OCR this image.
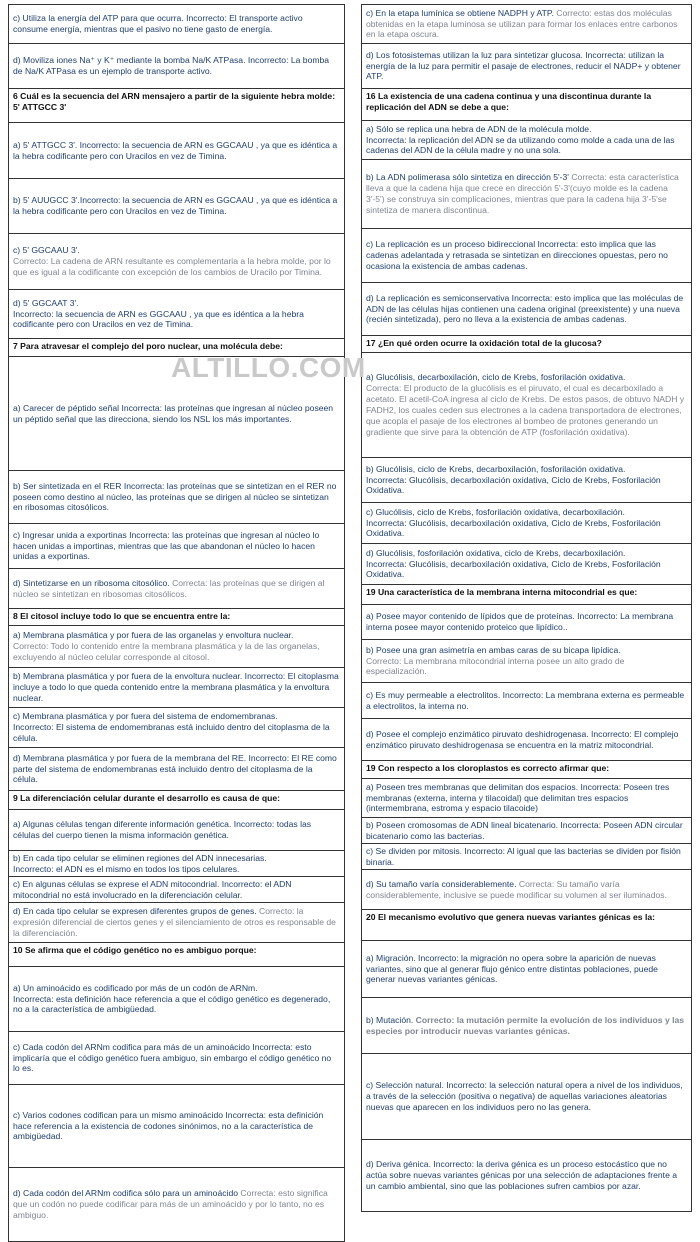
c) Utiliza la energía del ATP para que ocurra. Incorrecto: El transporte activo consume energía, mientras que el pasivo no tiene gasto de energía.
d) Moviliza iones Na⁺ y K⁺ mediante la bomba Na/K ATPasa. Incorrecto: La bomba de Na/K ATPasa es un ejemplo de transporte activo.
6 Cuál es la secuencia del ARN mensajero a partir de la siguiente hebra molde: 5' ATTGCC 3'
a) 5' ATTGCC 3'. Incorrecto: la secuencia de ARN es GGCAAU , ya que es idéntica a la hebra codificante pero con Uracilos en vez de Timina.
b) 5' AUUGCC 3'.Incorrecto: la secuencia de ARN es GGCAAU , ya que es idéntica a la hebra codificante pero con Uracilos en vez de Timina.
c) 5' GGCAAU 3'.
Correcto: La cadena de ARN resultante es complementaria a la hebra molde, por lo que es igual a la codificante con excepción de los cambios de Uracilo por Timina.
d) 5' GGCAAT 3'.
Incorrecto: la secuencia de ARN es GGCAAU , ya que es idéntica a la hebra codificante pero con Uracilos en vez de Timina.
7 Para atravesar el complejo del poro nuclear, una molécula debe:
a) Carecer de péptido señal Incorrecta: las proteínas que ingresan al núcleo poseen un péptido señal que las direcciona, siendo los NSL los más importantes.
b) Ser sintetizada en el RER Incorrecta: las proteínas que se sintetizan en el RER no poseen como destino al núcleo, las proteínas que se dirigen al núcleo se sintetizan en ribosomas citosólicos.
c) Ingresar unida a exportinas Incorrecta: las proteínas que ingresan al núcleo lo hacen unidas a importinas, mientras que las que abandonan el núcleo lo hacen unidas a exportinas.
d) Sintetizarse en un ribosoma citosólico. Correcta: las proteínas que se dirigen al núcleo se sintetizan en ribosomas citosólicos.
8 El citosol incluye todo lo que se encuentra entre la:
a) Membrana plasmática y por fuera de las organelas y envoltura nuclear.
Correcto: Todo lo contenido entre la membrana plasmática y la de las organelas, excluyendo al núcleo celular corresponde al citosol.
b) Membrana plasmática y por fuera de la envoltura nuclear. Incorrecto: El citoplasma incluye a todo lo que queda contenido entre la membrana plasmática y la envoltura nuclear.
c) Membrana plasmática y por fuera del sistema de endomembranas.
Incorrecto: El sistema de endomembranas está incluido dentro del citoplasma de la célula.
d) Membrana plasmática y por fuera de la membrana del RE. Incorrecto: El RE como parte del sistema de endomembranas está incluido dentro del citoplasma de la célula.
9 La diferenciación celular durante el desarrollo es causa de que:
a) Algunas células tengan diferente información genética. Incorrecto: todas las células del cuerpo tienen la misma información genética.
b) En cada tipo celular se eliminen regiones del ADN innecesarias.
Incorrecto: el ADN es el mismo en todos los tipos celulares.
c) En algunas células se exprese el ADN mitocondrial. Incorrecto: el ADN mitocondrial no está involucrado en la diferenciación celular.
d) En cada tipo celular se expresen diferentes grupos de genes. Correcto: la expresión diferencial de ciertos genes y el silenciamiento de otros es responsable de la diferenciación.
10 Se afirma que el código genético no es ambiguo porque:
a) Un aminoácido es codificado por más de un codón de ARNm.
Incorrecta: esta definición hace referencia a que el código genético es degenerado, no a la característica de ambigüedad.
c) Cada codón del ARNm codifica para más de un aminoácido Incorrecta: esto implicaría que el código genético fuera ambiguo, sin embargo el código genético no lo es.
c) Varios codones codifican para un mismo aminoácido Incorrecta: esta definición hace referencia a la existencia de codones sinónimos, no a la característica de ambigüedad.
d) Cada codón del ARNm codifica sólo para un aminoácido Correcta: esto significa que un codón no puede codificar para más de un aminoácido y por lo tanto, no es ambiguo.
c) En la etapa lumínica se obtiene NADPH y ATP. Correcto: estas dos moléculas obtenidas en la etapa luminosa se utilizan para formar los enlaces entre carbonos en la etapa oscura.
d) Los fotosistemas utilizan la luz para sintetizar glucosa. Incorrecta: utilizan la energía de la luz para permitir el pasaje de electrones, reducir el NADP+ y obtener ATP.
16 La existencia de una cadena continua y una discontinua durante la replicación del ADN se debe a que:
a) Sólo se replica una hebra de ADN de la molécula molde.
Incorrecta: la replicación del ADN se da utilizando como molde a cada una de las cadenas del ADN de la célula madre y no una sola.
b) La ADN polimerasa sólo sintetiza en dirección 5'-3' Correcta: esta característica lleva a que la cadena hija que crece en dirección 5'-3'(cuyo molde es la cadena 3'-5') se construya sin complicaciones, mientras que para la cadena hija 3'-5'se sintetiza de manera discontinua.
c) La replicación es un proceso bidireccional Incorrecta: esto implica que las cadenas adelantada y retrasada se sintetizan en direcciones opuestas, pero no ocasiona la existencia de ambas cadenas.
d) La replicación es semiconservativa Incorrecta: esto implica que las moléculas de ADN de las células hijas contienen una cadena original (preexistente) y una nueva (recién sintetizada), pero no lleva a la existencia de ambas cadenas.
17 ¿En qué orden ocurre la oxidación total de la glucosa?
a) Glucólisis, decarboxilación, ciclo de Krebs, fosforilación oxidativa.
Correcta: El producto de la glucólisis es el piruvato, el cual es decarboxilado a acetato. El acetil-CoA ingresa al ciclo de Krebs. De estos pasos, de obtuvo NADH y FADH2, los cuales ceden sus electrones a la cadena transportadora de electrones, que acopla el pasaje de los electrones al bombeo de protones generando un gradiente que sirve para la obtención de ATP (fosforilación oxidativa).
b) Glucólisis, ciclo de Krebs, decarboxilación, fosforilación oxidativa.
Incorrecta: Glucólisis, decarboxilación oxidativa, Ciclo de Krebs, Fosforilación Oxidativa.
c) Glucólisis, ciclo de Krebs, fosforilación oxidativa, decarboxilación.
Incorrecta: Glucólisis, decarboxilación oxidativa, Ciclo de Krebs, Fosforilación Oxidativa.
d) Glucólisis, fosforilación oxidativa, ciclo de Krebs, decarboxilación.
Incorrecta: Glucólisis, decarboxilación oxidativa, Ciclo de Krebs, Fosforilación Oxidativa.
19 Una característica de la membrana interna mitocondrial es que:
a) Posee mayor contenido de lípidos que de proteínas. Incorrecto: La membrana interna posee mayor contenido proteico que lipídico..
b) Posee una gran asimetría en ambas caras de su bicapa lipídica.
Correcto: La membrana mitocondrial interna posee un alto grado de especialización.
c) Es muy permeable a electrolitos. Incorrecto: La membrana externa es permeable a electrolitos, la interna no.
d) Posee el complejo enzimático piruvato deshidrogenasa. Incorrecto: El complejo enzimático piruvato deshidrogenasa se encuentra en la matriz mitocondrial.
19 Con respecto a los cloroplastos es correcto afirmar que:
a) Poseen tres membranas que delimitan dos espacios. Incorrecta: Poseen tres membranas (externa, interna y tilacoidal) que delimitan tres espacios (intermembrana, estroma y espacio tilacoide)
b) Poseen cromosomas de ADN lineal bicatenario. Incorrecta: Poseen ADN circular bicatenario como las bacterias.
c) Se dividen por mitosis. Incorrecto: Al igual que las bacterias se dividen por fisión binaria.
d) Su tamaño varía considerablemente. Correcta: Su tamaño varía considerablemente, inclusive se puede modificar su volumen al ser iluminados.
20 El mecanismo evolutivo que genera nuevas variantes génicas es la:
a) Migración. Incorrecto: la migración no opera sobre la aparición de nuevas variantes, sino que al generar flujo génico entre distintas poblaciones, puede generar nuevas variantes génicas.
b) Mutación. Correcto: la mutación permite la evolución de los individuos y las especies por introducir nuevas variantes génicas.
c) Selección natural. Incorrecto: la selección natural opera a nivel de los individuos, a través de la selección (positiva o negativa) de aquellas variaciones aleatorias nuevas que aparecen en los individuos pero no las genera.
d) Deriva génica. Incorrecto: la deriva génica es un proceso estocástico que no actúa sobre nuevas variantes génicas por una selección de adaptaciones frente a un cambio ambiental, sino que las poblaciones sufren cambios por azar.
ALTILLO.COM
